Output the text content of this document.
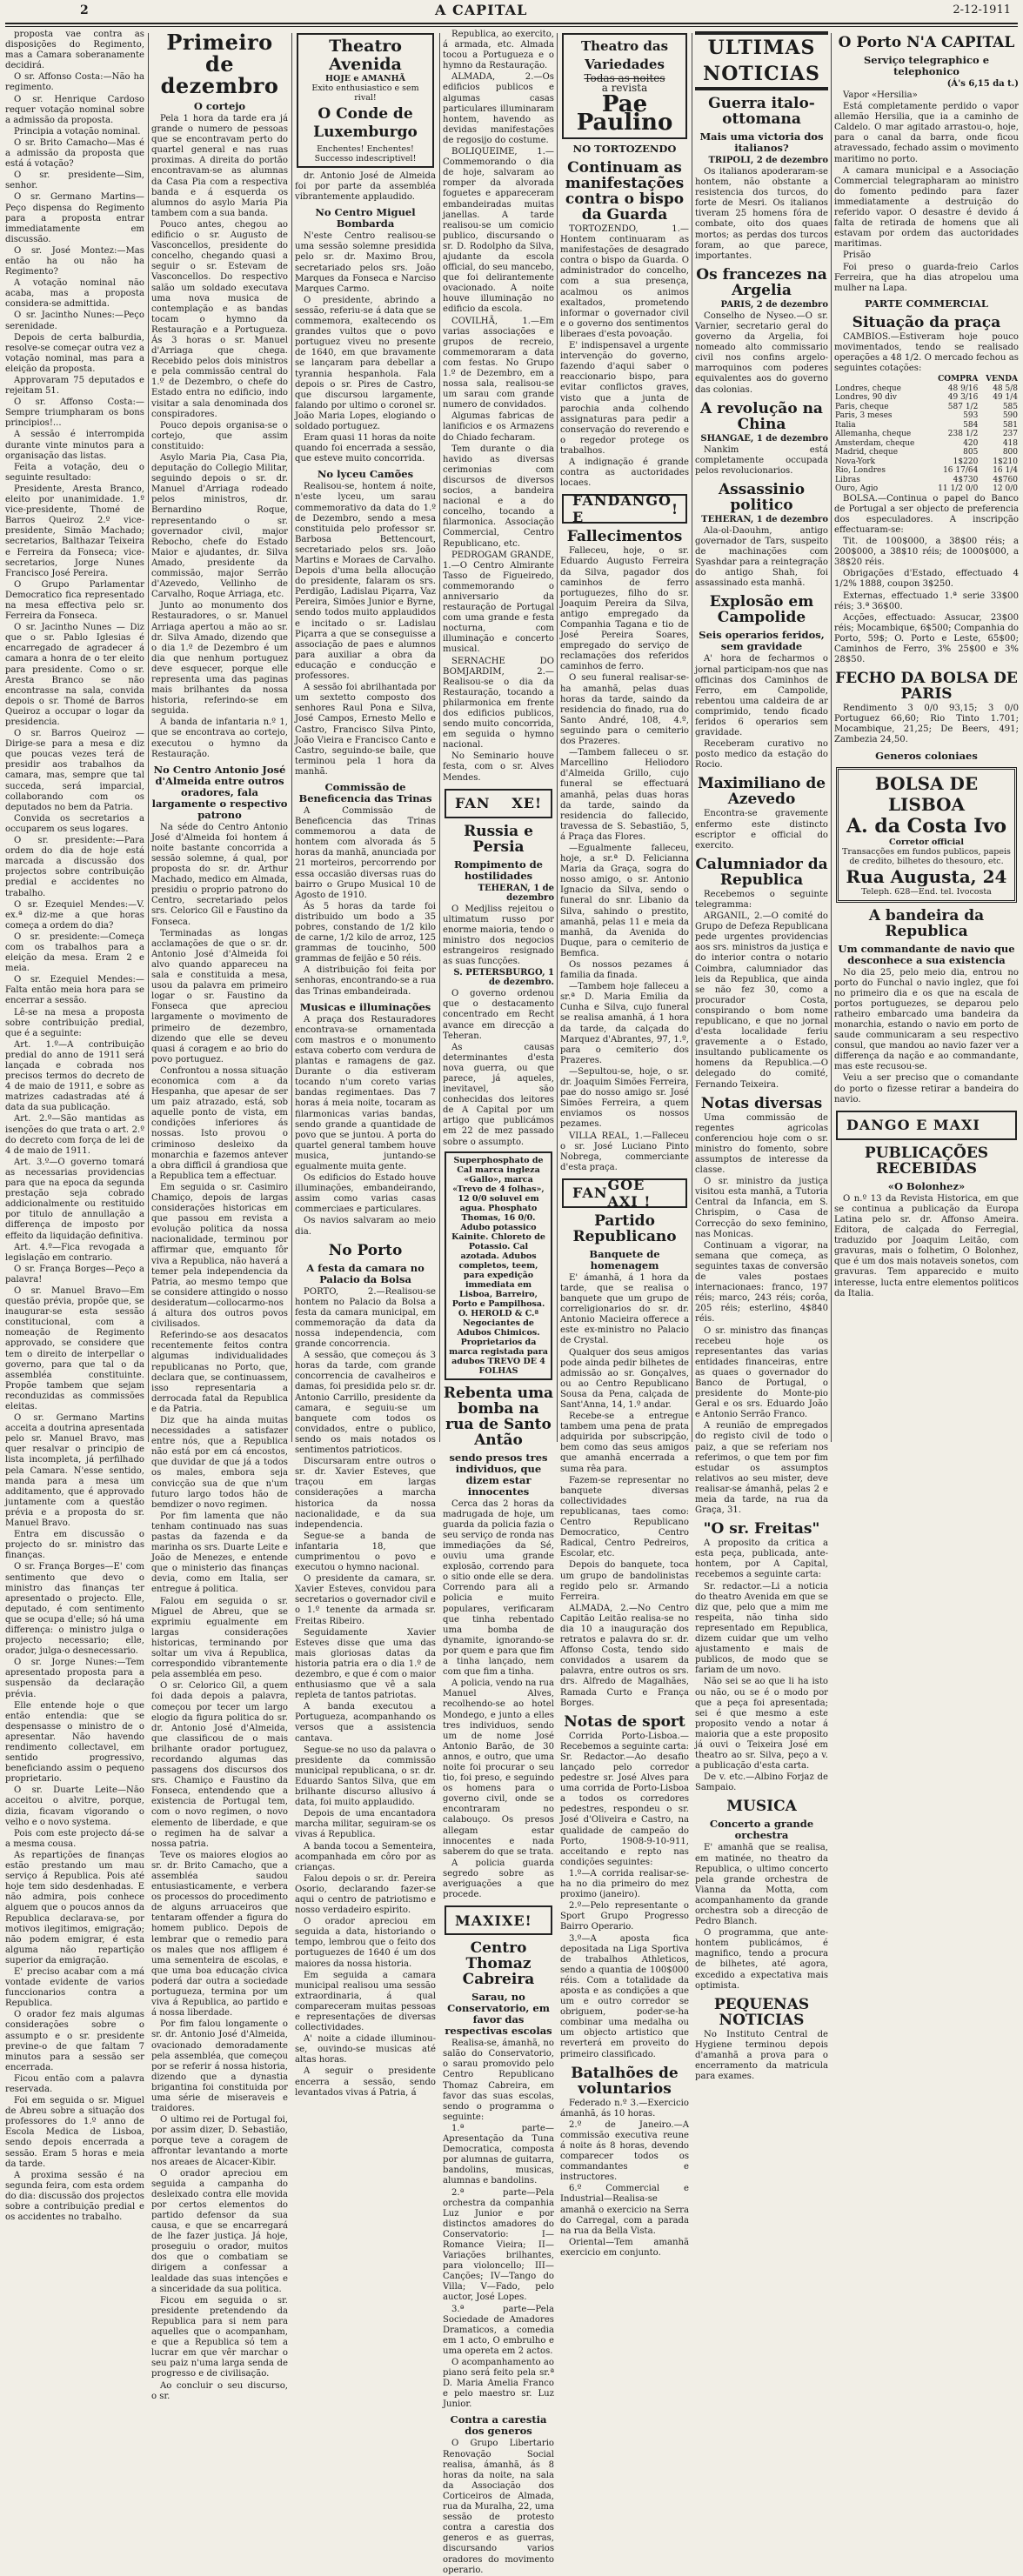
2	A CAPITAL	2-12-1911

proposta vae contra as disposições do Regimento, mas a Camara soberanamente decidirá.

O sr. Affonso Costa:—Não ha regimento.

O sr. Henrique Cardoso requer votação nominal sobre a admissão da proposta.

Principia a votação nominal.

O sr. Brito Camacho—Mas é a admissão da proposta que está á votação?

O sr. presidente—Sim, senhor.

O sr. Germano Martins—Peço dispensa do Regimento para a proposta entrar immediatamente em discussão.

O sr. José Montez:—Mas então ha ou não ha Regimento?

A votação nominal não acaba, mas a proposta considera-se admittida.

O sr. Jacintho Nunes:—Peço serenidade.

Depois de certa balburdia, resolve-se começar outra vez a votação nominal, mas para a eleição da proposta.

Approvaram 75 deputados e rejeitam 51.

O sr. Affonso Costa:—Sempre triumpharam os bons principios!...

A sessão é interrompida durante vinte minutos para a organisação das listas.

Feita a votação, deu o seguinte resultado:

Presidente, Aresta Branco, eleito por unanimidade. 1.º vice-presidente, Thomé de Barros Queiroz 2.º vice-presidente, Simão Machado; secretarios, Balthazar Teixeira e Ferreira da Fonseca; vice-secretarios, Jorge Nunes Francisco José Pereira.

O Grupo Parlamentar Democratico fica representado na mesa effectiva pelo sr. Ferreira da Fonseca.

O sr. Jacintho Nunes — Diz que o sr. Pablo Iglesias é encarregado de agradecer á camara a honra de o ter eleito para presidente. Como o sr. Aresta Branco se não encontrasse na sala, convida depois o sr. Thomé de Barros Queiroz a occupar o logar da presidencia.

O sr. Barros Queiroz — Dirige-se para a mesa e diz que poucas vezes terá de presidir aos trabalhos da camara, mas, sempre que tal succeda, será imparcial, collaborando com os deputados no bem da Patria.

Convida os secretarios a occuparem os seus logares.

O sr. presidente:—Para ordem do dia de hoje está marcada a discussão dos projectos sobre contribuição predial e accidentes no trabalho.

O sr. Ezequiel Mendes:—V. ex.ª diz-me a que horas começa a ordem do dia?

O sr. presidente:—Começa com os trabalhos para a eleição da mesa. Eram 2 e meia.

O sr. Ezequiel Mendes:—Falta então meia hora para se encerrar a sessão.

Lê-se na mesa a proposta sobre contribuição predial, que é a seguinte:

Art. 1.º—A contribuição predial do anno de 1911 será lançada e cobrada nos precisos termos do decreto de 4 de maio de 1911, e sobre as matrizes cadastradas até á data da sua publicação.

Art. 2.º—São mantidas as isenções do que trata o art. 2.º do decreto com força de lei de 4 de maio de 1911.

Art. 3.º—O governo tomará as necessarias providencias para que na epoca da segunda prestação seja cobrado addicionalmente ou restituido por titulo de annullação a differença de imposto por effeito da liquidação definitiva.

Art. 4.º—Fica revogada a legislação em contrario.

O sr. França Borges—Peço a palavra!

O sr. Manuel Bravo—Em questão prévia, propõe que, se inaugurar-se esta sessão constitucional, com a nomeação de Regimento approvado, se considere que tem o direito de interpellar o governo, para que tal o da assembléa constituinte. Propõe tambem que sejam reconduzidas as commissões eleitas.

O sr. Germano Martins acceita a doutrina apresentada pelo sr. Manuel Bravo, mas quer resalvar o principio de lista incompleta, já perfilhado pela Camara. N'esse sentido, manda para a mesa um additamento, que é approvado juntamente com a questão prévia e a proposta do sr. Manuel Bravo.

Entra em discussão o projecto do sr. ministro das finanças.

O sr. França Borges—E' com sentimento que devo o ministro das finanças ter apresentado o projecto. Elle, deputado, é com sentimento que se ocupa d'elle; só há uma differença: o ministro julga o projecto necessario; elle, orador, julga-o desnecessario.

O sr. Jorge Nunes:—Tem apresentado proposta para a suspensão da declaração prévia.

Elle entende hoje o que então entendia: que se despensasse o ministro de o apresentar. Não havendo rendimento collectavel, em sentido progressivo, beneficiando assim o pequeno proprietario.

O sr. Duarte Leite—Não acceitou o alvitre, porque, dizia, ficavam vigorando o velho e o novo systema.

Pois com este projecto dá-se a mesma cousa.

As repartições de finanças estão prestando um mau serviço á Republica. Pois até hoje tem sido desdenhadas. E não admira, pois conhece alguem que o poucos annos da Republica declarava-se, por motivos ilegitimos, emigração; não podem emigrar, é esta alguma não repartição superior da emigração.

E' preciso acabar com a má vontade evidente de varios funccionarios contra a Republica.

O orador fez mais algumas considerações sobre o assumpto e o sr. presidente previne-o de que faltam 7 minutos para a sessão ser encerrada.

Ficou então com a palavra reservada.

Foi em seguida o sr. Miguel de Abreu sobre a situação dos professores do 1.º anno de Escola Medica de Lisboa, sendo depois encerrada a sessão. Eram 5 horas e meia da tarde.

A proxima sessão é na segunda feira, com esta ordem do dia: discussão dos projectos sobre a contribuição predial e os accidentes no trabalho.

Primeiro de dezembro
O cortejo

Pela 1 hora da tarde era já grande o numero de pessoas que se encontravam perto do quartel general e nas ruas proximas. A direita do portão encontravam-se as alumnas da Casa Pia com a respectiva banda e á esquerda os alumnos do asylo Maria Pia tambem com a sua banda.

Pouco antes, chegou ao edificio o sr. Augusto de Vasconcellos, presidente do concelho, chegando quasi a seguir o sr. Estevam de Vasconcellos. Do respectivo salão um soldado executava uma nova musica de contemplação e as bandas tocam o hymno da Restauração e a Portugueza. Ás 3 horas o sr. Manuel d'Arriaga que chega. Recebido pelos dois ministros e pela commissão central do 1.º de Dezembro, o chefe do Estado entra no edificio, indo visitar a sala denominada dos conspiradores.

Pouco depois organisa-se o cortejo, que assim constituido:

Asylo Maria Pia, Casa Pia, deputação do Collegio Militar, seguindo depois o sr. dr. Manuel d'Arriaga rodeado pelos ministros, dr. Bernardino Roque, representando o sr. governador civil, major Rebocho, chefe do Estado Maior e ajudantes, dr. Silva Amado, presidente da commissão, major Serrão d'Azevedo, Vellinho de Carvalho, Roque Arriaga, etc.

Junto ao monumento dos Restauradores, o sr. Manuel Arriaga apertou a mão ao sr. dr. Silva Amado, dizendo que o dia 1.º de Dezembro é um dia que nenhum portuguez deve esquecer, porque elle representa uma das paginas mais brilhantes da nossa historia, referindo-se em seguida.

A banda de infantaria n.º 1, que se encontrava ao cortejo, executou o hymno da Restauração.

No Centro Antonio José d'Almeida entre outros oradores, fala largamente o respectivo patrono

Na séde do Centro Antonio José d'Almeida foi hontem á noite bastante concorrida a sessão solemne, á qual, por proposta do sr. dr. Arthur Machado, medico em Almada, presidiu o proprio patrono do Centro, secretariado pelos srs. Celorico Gil e Faustino da Fonseca.

Terminadas as longas acclamações de que o sr. dr. Antonio José d'Almeida foi alvo quando appareceu na sala e constituida a mesa, usou da palavra em primeiro logar o sr. Faustino da Fonseca que apreciou largamente o movimento de primeiro de dezembro, dizendo que elle se deveu quasi á coragem e ao brio do povo portuguez.

Confrontou a nossa situação economica com a da Hespanha, que apesar de ser um paiz atrazado, está, sob aquelle ponto de vista, em condições inferiores ás nossas. Isto provou o criminoso desleixo da monarchia e fazemos antever a obra difficil á grandiosa que a Republica tem a effectuar.

Em seguida o sr. Casimiro Chamiço, depois de largas considerações historicas em que passou em revista a evolução politica da nossa nacionalidade, terminou por affirmar que, emquanto fôr viva a Republica, não haverá a temer pela independencia da Patria, ao mesmo tempo que se considere attingido o nosso desideratum—collocarmo-nos á altura dos outros povos civilisados.

Referindo-se aos desacatos recentemente feitos contra algumas individualidades republicanas no Porto, que, declara que, se continuassem, isso representaria a derrocada fatal da Republica e da Patria.

Diz que ha ainda muitas necessidades a satisfazer entre nós, que a Republica não está por em cá encostos, que duvidar de que já a todos os males, embora seja convicção sua de que n'um futuro largo todos hão de bemdizer o novo regimen.

Por fim lamenta que não tenham continuado nas suas pastas da fazenda e da marinha os srs. Duarte Leite e João de Menezes, e entende que o ministerio das finanças devia, como em Italia, ser entregue á politica.

Falou em seguida o sr. Miguel de Abreu, que se exprimiu egualmente em largas considerações historicas, terminando por soltar um viva á Republica, correspondido vibrantemente pela assembléa em peso.

O sr. Celorico Gil, a quem foi dada depois a palavra, começou por tecer um largo elogio da figura politica do sr. dr. Antonio José d'Almeida, que classificou de o mais brilhante orador portuguez, recordando algumas das passagens dos discursos dos srs. Chamiço e Faustino da Fonseca, entendendo que a existencia de Portugal tem, com o novo regimen, o novo elemento de liberdade, e que o regimen ha de salvar a nossa patria.

Teve os maiores elogios ao sr. dr. Brito Camacho, que a assembléa saudou entusiasticamente, e verbera os processos do procedimento de alguns arruaceiros que tentaram offender a figura do homem publico. Depois de lembrar que o remedio para os males que nos affligem é uma sementeira de escolas, e que uma boa educação civica poderá dar outra a sociedade portugueza, termina por um viva á Republica, ao partido e á nossa liberdade.

Por fim falou longamente o sr. dr. Antonio José d'Almeida, ovacionado demoradamente pela assembléa, que começou por se referir á nossa historia, dizendo que a dynastia brigantina foi constituida por uma série de miseraveis e traidores.

O ultimo rei de Portugal foi, por assim dizer, D. Sebastião, porque teve a coragem de affrontar levantando a morte nos areaes de Alcacer-Kibir.

O orador apreciou em seguida a campanha do desleixado contra elle movida por certos elementos do partido defensor da sua causa, e que se encarregará de lhe fazer justiça. Já hoje, proseguiu o orador, muitos dos que o combatiam se dirigem a confessar a lealdade das suas intenções e a sinceridade da sua politica.

Ficou em seguida o sr. presidente pretendendo da Republica para si nem para aquelles que o acompanham, e que a Republica só tem a lucrar em que vêr marchar o seu paiz n'uma larga senda de progresso e de civilisação.

Ao concluir o seu discurso, o sr.

Theatro Avenida
HOJE e AMANHÃ
Exito enthusiastico e sem rival!
O Conde de Luxemburgo
Enchentes! Enchentes!
Successo indescriptivel!

dr. Antonio José de Almeida foi por parte da assembléa vibrantemente applaudido.

No Centro Miguel Bombarda

N'este Centro realisou-se uma sessão solemne presidida pelo sr. dr. Maximo Brou, secretariado pelos srs. João Marques da Fonseca e Narciso Marques Carmo.

O presidente, abrindo a sessão, referiu-se á data que se commemora, exaltecendo os grandes vultos que o povo portuguez viveu no presente de 1640, em que bravamente se lançaram para debellar a tyrannia hespanhola. Fala depois o sr. Pires de Castro, que discursou largamente, falando por ultimo o coronel sr. João Maria Lopes, elogiando o soldado portuguez.

Eram quasi 11 horas da noite quando foi encerrada a sessão, que esteve muito concorrida.

No lyceu Camões

Realisou-se, hontem á noite, n'este lyceu, um sarau commemorativo da data do 1.º de Dezembro, sendo a mesa constituida pelo professor sr. Barbosa Bettencourt, secretariado pelos srs. João Martins e Moraes de Carvalho. Depois d'uma bella allocução do presidente, falaram os srs. Perdigão, Ladislau Piçarra, Vaz Pereira, Simões Junior e Byrne, sendo todos muito applaudidos e incitado o sr. Ladislau Piçarra a que se conseguisse a associação de paes e alumnos para auxiliar a obra da educação e conducção e professores.

A sessão foi abrilhantada por um sextetto composto dos senhores Raul Pona e Silva, José Campos, Ernesto Mello e Castro, Francisco Silva Pinto, João Vieira e Francisco Canto e Castro, seguindo-se baile, que terminou pela 1 hora da manhã.

Commissão de Beneficencia das Trinas

A Commissão de Beneficencia das Trinas commemorou a data de hontem com alvorada ás 5 horas da manhã, anunciada por 21 morteiros, percorrendo por essa occasião diversas ruas do bairro o Grupo Musical 10 de Agosto de 1910.

Ás 5 horas da tarde foi distribuido um bodo a 35 pobres, constando de 1/2 kilo de carne, 1/2 kilo de arroz, 125 grammas de toucinho, 500 grammas de feijão e 50 réis.

A distribuição foi feita por senhoras, encontrando-se a rua das Trinas embandeirada.

Musicas e illuminações

A praça dos Restauradores encontrava-se ornamentada com mastros e o monumento estava coberto com verdura de plantas e ramagens de gaz. Durante o dia estiveram tocando n'um coreto varias bandas regimentaes. Das 7 horas á meia noite, tocaram as filarmonicas varias bandas, sendo grande a quantidade de povo que se juntou. A porta do quartel general tambem houve musica, juntando-se egualmente muita gente.

Os edificios do Estado houve illuminações, embandeirando, assim como varias casas commerciaes e particulares.

Os navios salvaram ao meio dia.

No Porto
A festa da camara no Palacio da Bolsa

PORTO, 2.—Realisou-se hontem no Palacio da Bolsa a festa da camara municipal, em commemoração da data da nossa independencia, com grande concorrencia.

A sessão, que começou ás 3 horas da tarde, com grande concorrencia de cavalheiros e damas, foi presidida pelo sr. dr. Antonio Carrillo, presidente da camara, e seguiu-se um banquete com todos os convidados, entre o publico, sendo os mais notados os sentimentos patrioticos.

Discursaram entre outros o sr. dr. Xavier Esteves, que traçou em largas considerações a marcha historica da nossa nacionalidade, e da sua independencia.

Segue-se a banda de infantaria 18, que cumprimentou o povo e executou o hymno nacional.

O presidente da camara, sr. Xavier Esteves, convidou para secretarios o governador civil e o 1.º tenente da armada sr. Freitas Ribeiro.

Seguidamente Xavier Esteves disse que uma das mais gloriosas datas da historia patria era o dia 1.º de dezembro, e que é com o maior enthusiasmo que vê a sala repleta de tantos patriotas.

A banda executou a Portugueza, acompanhando os versos que a assistencia cantava.

Segue-se no uso da palavra o presidente da commissão municipal republicana, o sr. dr. Eduardo Santos Silva, que em brilhante discurso allusivo á data, foi muito applaudido.

Depois de uma encantadora marcha militar, seguiram-se os vivas á Republica.

A banda tocou a Sementeira, acompanhada em côro por as crianças.

Falou depois o sr. dr. Pereira Osorio, declarando fazer-se aqui o centro de patriotismo e nosso verdadeiro espirito.

O orador apreciou em seguida a data, historiando o tempo, lembrou que o feito dos portuguezes de 1640 é um dos maiores da nossa historia.

Em seguida a camara municipal realisou uma sessão extraordinaria, á qual compareceram muitas pessoas e representações de diversas collectividades.

A' noite a cidade illuminou-se, ouvindo-se musicas até altas horas.

A seguir o presidente encerra a sessão, sendo levantados vivas á Patria, á

Republica, ao exercito, á armada, etc. Almada tocou a Portugueza e o hymno da Restauração.

ALMADA, 2.—Os edificios publicos e algumas casas particulares illuminaram hontem, havendo as devidas manifestações de regosijo do costume.

BOLIQUEIME, 1.—Commemorando o dia de hoje, salvaram ao romper da alvorada foguetes e appareceram embandeiradas muitas janellas. A tarde realisou-se um comicio publico, discursando o sr. D. Rodolpho da Silva, ajudante da escola official, do seu mancebo, que foi delirantemente ovacionado. A noite houve illuminação no edificio da escola.

COVILHÃ, 1.—Em varias associações e grupos de recreio, commemoraram a data com festas. No Grupo 1.º de Dezembro, em a nossa sala, realisou-se um sarau com grande numero de convidados.

Algumas fabricas de lanificios e os Armazens do Chiado fecharam.

Tem durante o dia havido as diversas cerimonias com discursos de diversos socios, a bandeira nacional e a do concelho, tocando a filarmonica. Associação Commercial, Centro Republicano, etc.

PEDROGAM GRANDE, 1.—O Centro Almirante Tasso de Figueiredo, commemorando o anniversario da restauração de Portugal com uma grande e festa nocturna, com illuminação e concerto musical.

SERNACHE DO BOMJARDIM, 2.—Realisou-se o dia da Restauração, tocando a philarmonica em frente dos edificios publicos, sendo muito concorrida, em seguida o hymno nacional.

No Seminario houve festa, com o sr. Alves Mendes.

FAN XE!
Russia e Persia
Rompimento de hostilidades
TEHERAN, 1 de dezembro

O Medjliss rejeitou o ultimatum russo por enorme maioria, tendo o ministro dos negocios estrangeiros resignado as suas funcções.

S. PETERSBURGO, 1 de dezembro.

O governo ordenou que o destacamento concentrado em Recht avance em direcção a Teheran.

As causas determinantes d'esta nova guerra, ou que parece, já aqueles, inevitavel, são conhecidas dos leitores de A Capital por um artigo que publicámos em 22 de mez passado sobre o assumpto.

Superphosphato de Cal marca ingleza «Gallo», marca «Trevo de 4 folhas», 12 0/0 soluvel em agua. Phosphato Thomas, 16 0/0. Adubo potassico Kainite. Chloreto de Potassio. Cal azotada. Adubos completos, teem, para expedição immediata em Lisboa, Barreiro, Porto e Pampilhosa. O. HEROLD & C.ª Negociantes de Adubos Chimicos. Proprietarios da marca registada para adubos TREVO DE 4 FOLHAS
Rebenta uma bomba na rua de Santo Antão
sendo presos tres individuos, que dizem estar innocentes

Cerca das 2 horas da madrugada de hoje, um guarda da policia fazia o seu serviço de ronda nas immediações da Sé, ouviu uma grande explosão, correndo para o sitio onde elle se dera. Correndo para ali a policia e muito populares, verificaram que tinha rebentado uma bomba de dynamite, ignorando-se por quem e para que fim a tinha lançado, nem com que fim a tinha.

A policia, vendo na rua Manuel Alves, recolhendo-se ao hotel Mondego, e junto a elles tres individuos, sendo um de nome José Antonio Barão, de 30 annos, e outro, que uma noite foi procurar o seu tio, foi preso, e seguindo os homens para o governo civil, onde se encontraram no calabouço. Os presos allegam estar innocentes e nada saberem do que se trata.

A policia guarda segredo sobre as averiguações a que procede.

MAXIXE!
Centro Thomaz Cabreira
Sarau, no Conservatorio, em favor das respectivas escolas

Realisa-se, ámanhã, no salão do Conservatorio, o sarau promovido pelo Centro Republicano Thomaz Cabreira, em favor das suas escolas, sendo o programma o seguinte:

1.ª parte—Apresentação da Tuna Democratica, composta por alumnas de guitarra, bandolins, musicas, alumnas e bandolins.

2.ª parte—Pela orchestra da companhia Luz Junior e por distinctos amadores do Conservatorio: I—Romance Vieira; II—Variações brilhantes, para violoncello; III—Canções; IV—Tango do Villa; V—Fado, pelo auctor, José Lopes.

3.ª parte—Pela Sociedade de Amadores Dramaticos, a comedia em 1 acto, O embrulho e uma opereta em 2 actos.

O acompanhamento ao piano será feito pela sr.ª D. Maria Amelia Franco e pelo maestro sr. Luz Junior.

Contra a carestia dos generos

O Grupo Libertario Renovação Social realisa, ámanhã, ás 8 horas da noite, na sala da Associação dos Corticeiros de Almada, rua da Muralha, 22, uma sessão de protesto contra a carestia dos generos e as guerras, discursando varios oradores do movimento operario.

Theatro das Variedades
Todas as noites
a revista
Pae Paulino
NO TORTOZENDO
Continuam as manifestações contra o bispo da Guarda

TORTOZENDO, 1.—Hontem continuaram as manifestações de desagrado contra o bispo da Guarda. O administrador do concelho, com a sua presença, acalmou os animos exaltados, prometendo informar o governador civil e o governo dos sentimentos liberaes d'esta povoação.

E' indispensavel a urgente intervenção do governo, fazendo d'aqui saber o reaccionario bispo, para evitar conflictos graves, visto que a junta de parochia anda colhendo assignaturas para pedir a conservação do reverendo e o regedor protege os trabalhos.

A indignação é grande contra as auctoridades locaes.

FANDANGO E	!
Fallecimentos

Falleceu, hoje, o sr. Eduardo Augusto Ferreira da Silva, pagador dos caminhos de ferro portuguezes, filho do sr. Joaquim Pereira da Silva, antigo empregado da Companhia Tagana e tio de José Pereira Soares, empregado do serviço de reclamações dos referidos caminhos de ferro.

O seu funeral realisar-se-ha amanhã, pelas duas horas da tarde, saindo da residencia do finado, rua do Santo André, 108, 4.º, seguindo para o cemiterio dos Prazeres.

—Tambem falleceu o sr. Marcellino Heliodoro d'Almeida Grillo, cujo funeral se effectuará amanhã, pelas duas horas da tarde, saindo da residencia do fallecido, travessa de S. Sebastião, 5, á Praça das Flores.

—Egualmente falleceu, hoje, a sr.ª D. Felicianna Maria da Graça, sogra do nosso amigo, o sr. Antonio Ignacio da Silva, sendo o funeral do snr. Libanio da Silva, sahindo o prestito, amanhã, pelas 11 e meia da manhã, da Avenida do Duque, para o cemiterio de Bemfica.

Os nossos pezames á familia da finada.

—Tambem hoje falleceu a sr.ª D. Maria Emilia da Cunha e Silva, cujo funeral se realisa amanhã, á 1 hora da tarde, da calçada do Marquez d'Abrantes, 97, 1.º, para o cemiterio dos Prazeres.

—Sepultou-se, hoje, o sr. dr. Joaquim Simões Ferreira, pae do nosso amigo sr. José Simões Ferreira, a quem enviamos os nossos pezames.

VILLA REAL, 1.—Falleceu o sr. José Luciano Pinto Nobrega, commerciante d'esta praça.

FAN GOE AXI !
Partido Republicano
Banquete de homenagem

E' ámanhã, á 1 hora da tarde, que se realisa o banquete que um grupo de correligionarios do sr. dr. Antonio Macieira offerece a este ex-ministro no Palacio de Crystal.

Qualquer dos seus amigos pode ainda pedir bilhetes de admissão ao sr. Gonçalves, ou ao Centro Republicano Sousa da Pena, calçada de Sant'Anna, 14, 1.º andar.

Recebe-se a entregue tambem uma pena de prata adquirida por subscripção, bem como das seus amigos que amanhã encerrada a suma rêa para.

Fazem-se representar no banquete diversas collectividades republicanas, taes como: Centro Republicano Democratico, Centro Radical, Centro Pedreiros, Escolar, etc.

Depois do banquete, toca um grupo de bandolinistas regido pelo sr. Armando Ferreira.

ALMADA, 2.—No Centro Capitão Leitão realisa-se no dia 10 a inauguração dos retratos e palavra do sr. dr. Affonso Costa, tendo sido convidados a usarem da palavra, entre outros os srs. drs. Alfredo de Magalhães, Ramada Curto e França Borges.

Notas de sport

Corrida Porto-Lisboa.—Recebemos a seguinte carta: Sr. Redactor.—Ao desafio lançado pelo corredor pedestre sr. José Alves para uma corrida de Porto-Lisboa a todos os corredores pedestres, respondeu o sr. José d'Oliveira e Castro, na qualidade de campeão do Porto, 1908-9-10-911, acceitando e repto nas condições seguintes:

1.º—A corrida realisar-se-ha no dia primeiro do mez proximo (janeiro).

2.º—Pelo representante o Sport Grupo Progresso Bairro Operario.

3.º—A aposta fica depositada na Liga Sportiva de trabalhos Athleticos, sendo a quantia de 100$000 réis. Com a totalidade da aposta e as condições a que um e outro corredor se obriguem, poder-se-ha combinar uma medalha ou um objecto artistico que reverterá em proveito do primeiro classificado.

Batalhões de voluntarios

Federado n.º 3.—Exercicio ámanhã, ás 10 horas.

2.º de Janeiro.—A commissão executiva reune á noite ás 8 horas, devendo comparecer todos os commandantes e instructores.

6.º Commercial e Industrial—Realisa-se amanhã o exercicio na Serra do Carregal, com a parada na rua da Bella Vista.

Oriental—Tem amanhã exercicio em conjunto.

ULTIMAS NOTICIAS
Guerra italo-ottomana
Mais uma victoria dos italianos?
TRIPOLI, 2 de dezembro

Os italianos apoderaram-se hontem, não obstante a resistencia dos turcos, do forte de Mesri. Os italianos tiveram 25 homens fóra de combate, oito dos quaes mortos; as perdas dos turcos foram, ao que parece, importantes.

Os francezes na Argelia
PARIS, 2 de dezembro

Conselho de Nyseo.—O sr. Varnier, secretario geral do governo da Argelia, foi nomeado alto commissario civil nos confins argelo-marroquinos com poderes equivalentes aos do governo das colonias.

A revolução na China
SHANGAE, 1 de dezembro

Nankim está completamente occupada pelos revolucionarios.

Assassinio politico
TEHERAN, 1 de dezembro

Ala-ol-Daouhm, antigo governador de Tars, suspeito de machinações com Syashdar para a reintegração do antigo Shah, foi assassinado esta manhã.

Explosão em Campolide
Seis operarios feridos, sem gravidade

A' hora de fecharmos o jornal participam-nos que nas officinas dos Caminhos de Ferro, em Campolide, rebentou uma caldeira de ar comprimido, tendo ficado feridos 6 operarios sem gravidade.

Receberam curativo no posto medico da estação do Rocio.

Maximiliano de Azevedo

Encontra-se gravemente enfermo este distincto escriptor e official do exercito.

Calumniador da Republica

Recebemos o seguinte telegramma:

ARGANIL, 2.—O comité do Grupo de Defeza Republicana pede urgentes providencias aos srs. ministros da justiça e do interior contra o notario Coimbra, calumniador das leis da Republica, que ainda se não fez 30, como a procurador Costa, conspirando o bom nome republicano, e que no jornal d'esta localidade feriu gravemente a o Estado, insultando publicamente os homens da Republica.—O delegado do comité, Fernando Teixeira.

Notas diversas

Uma commissão de regentes agricolas conferenciou hoje com o sr. ministro do fomento, sobre assumptos de interesse da classe.

O sr. ministro da justiça visitou esta manhã, a Tutoria Central da Infancia, em S. Chrispim, o Casa de Correcção do sexo feminino, nas Monicas.

Continuam a vigorar, na semana que começa, as seguintes taxas de conversão de vales postaes internacionaes: franco, 197 réis; marco, 243 réis; corôa, 205 réis; esterlino, 4$840 réis.

O sr. ministro das finanças recebeu hoje os representantes das varias entidades financeiras, entre as quaes o governador do Banco de Portugal, o presidente do Monte-pio Geral e os srs. Eduardo João e Antonio Serrão Franco.

A reunião de empregados do registo civil de todo o paiz, a que se referiam nos referimos, o que tem por fim estudar os assumptos relativos ao seu mister, deve realisar-se ámanhã, pelas 2 e meia da tarde, na rua da Graça, 31.

"O sr. Freitas"

A proposito da critica a esta peça, publicada, ante-hontem, por A Capital, recebemos a seguinte carta:

Sr. redactor.—Li a noticia do theatro Avenida em que se diz que, pelo que a mim me respeita, não tinha sido representado em Republica, dizem cuidar que um velho ajustamento e mais de publicos, de modo que se fariam de um novo.

Não sei se ao que li ha isto ou não, ou se é o modo por que a peça foi apresentada; sei é que mesmo a este proposito vendo a notar á maioria que a este proposito já ouvi o Teixeira José em theatro ao sr. Silva, peço a v. a publicação d'esta carta.

De v. etc.—Albino Forjaz de Sampaio.

MUSICA
Concerto a grande orchestra

E' amanhã que se realisa, em matinée, no theatro da Republica, o ultimo concerto pela grande orchestra de Vianna da Motta, com acompanhamento da grande orchestra sob a direcção de Pedro Blanch.

O programma, que ante-hontem publicámos, é magnifico, tendo a procura de bilhetes, até agora, excedido a expectativa mais optimista.

PEQUENAS NOTICIAS

No Instituto Central de Hygiene terminou depois d'amanhã a prova para o encerramento da matricula para exames.

O Porto N'A CAPITAL
Serviço telegraphico e telephonico
(Á's 6,15 da t.)

Vapor «Hersilia»

Está completamente perdido o vapor allemão Hersilia, que ia a caminho de Caldelo. O mar agitado arrastou-o, hoje, para o canal da barra, onde ficou atravessado, fechado assim o movimento maritimo no porto.

A camara municipal e a Associação Commercial telegrapharam ao ministro do fomento pedindo para fazer immediatamente a destruição do referido vapor. O desastre é devido á falta de retirada de homens que ali estavam por ordem das auctoridades maritimas.

Prisão

Foi preso o guarda-freio Carlos Ferreira, que ha dias atropelou uma mulher na Lapa.

PARTE COMMERCIAL
Situação da praça

CAMBIOS.—Estiveram hoje pouco movimentados, tendo se realisado operações a 48 1/2. O mercado fechou as seguintes cotações:

	COMPRA	VENDA
Londres, cheque	48 9/16	48 5/8
Londres, 90 div	49 3/16	49 1/4
Paris, cheque	587 1/2	585
Paris, 3 meses	593	590
Italia	584	581
Allemanha, cheque	238 1/2	237
Amsterdam, cheque	420	418
Madrid, cheque	805	800
Nova-York	1$220	1$210
Rio, Londres	16 17/64	16 1/4
Libras	4$730	4$760
Ouro, Agio	11 1/2 0/0	12 0/0

BOLSA.—Continua o papel do Banco de Portugal a ser objecto de preferencia dos especuladores. A inscripção effectuaram-se:

Tit. de 100$000, a 38$00 réis; a 200$000, a 38$10 réis; de 1000$000, a 38$20 réis.

Obrigações d'Estado, effectuado 4 1/2% 1888, coupon 3$250.

Externas, effectuado 1.ª serie 33$00 réis; 3.ª 36$00.

Acções, effectuado: Assucar, 23$00 réis; Mocambique, 6$500; Companhia do Porto, 59$; O. Porto e Leste, 65$00; Caminhos de Ferro, 3% 25$00 e 3% 28$50.

FECHO DA BOLSA DE PARIS

Rendimento 3 0/0 93,15; 3 0/0 Portuguez 66,60; Rio Tinto 1.701; Mocambique, 21,25; De Beers, 491; Zambezia 24,50.

Generos coloniaes
BOLSA DE LISBOA
A. da Costa Ivo
Corretor official
Transacções em fundos publicos, papeis de credito, bilhetes do thesouro, etc.
Rua Augusta, 24
Teleph. 628—End. tel. Ivocosta
A bandeira da Republica
Um commandante de navio que desconhece a sua existencia

No dia 25, pelo meio dia, entrou no porto do Funchal o navio inglez, que foi no primeiro dia e os que na escala de portos portuguezes, se deparou pelo ratheiro embarcado uma bandeira da monarchia, estando o navio em porto de saude communicaram a seu respectivo consul, que mandou ao navio fazer ver a differença da nação e ao commandante, mas este recusou-se.

Veiu a ser preciso que o comandante do porto o fizesse retirar a bandeira do navio.

DANGO E MAXI
PUBLICAÇÕES RECEBIDAS
«O Bolonhez»

O n.º 13 da Revista Historica, em que se continua a publicação da Europa Latina pelo sr. dr. Affonso Ameira. Editora, de calçada do Ferregial, traduzido por Joaquim Leitão, com gravuras, mais o folhetim, O Bolonhez, que é um dos mais notaveis sonetos, com gravuras. Tem apparecido e muito interesse, lucta entre elementos politicos da Italia.
